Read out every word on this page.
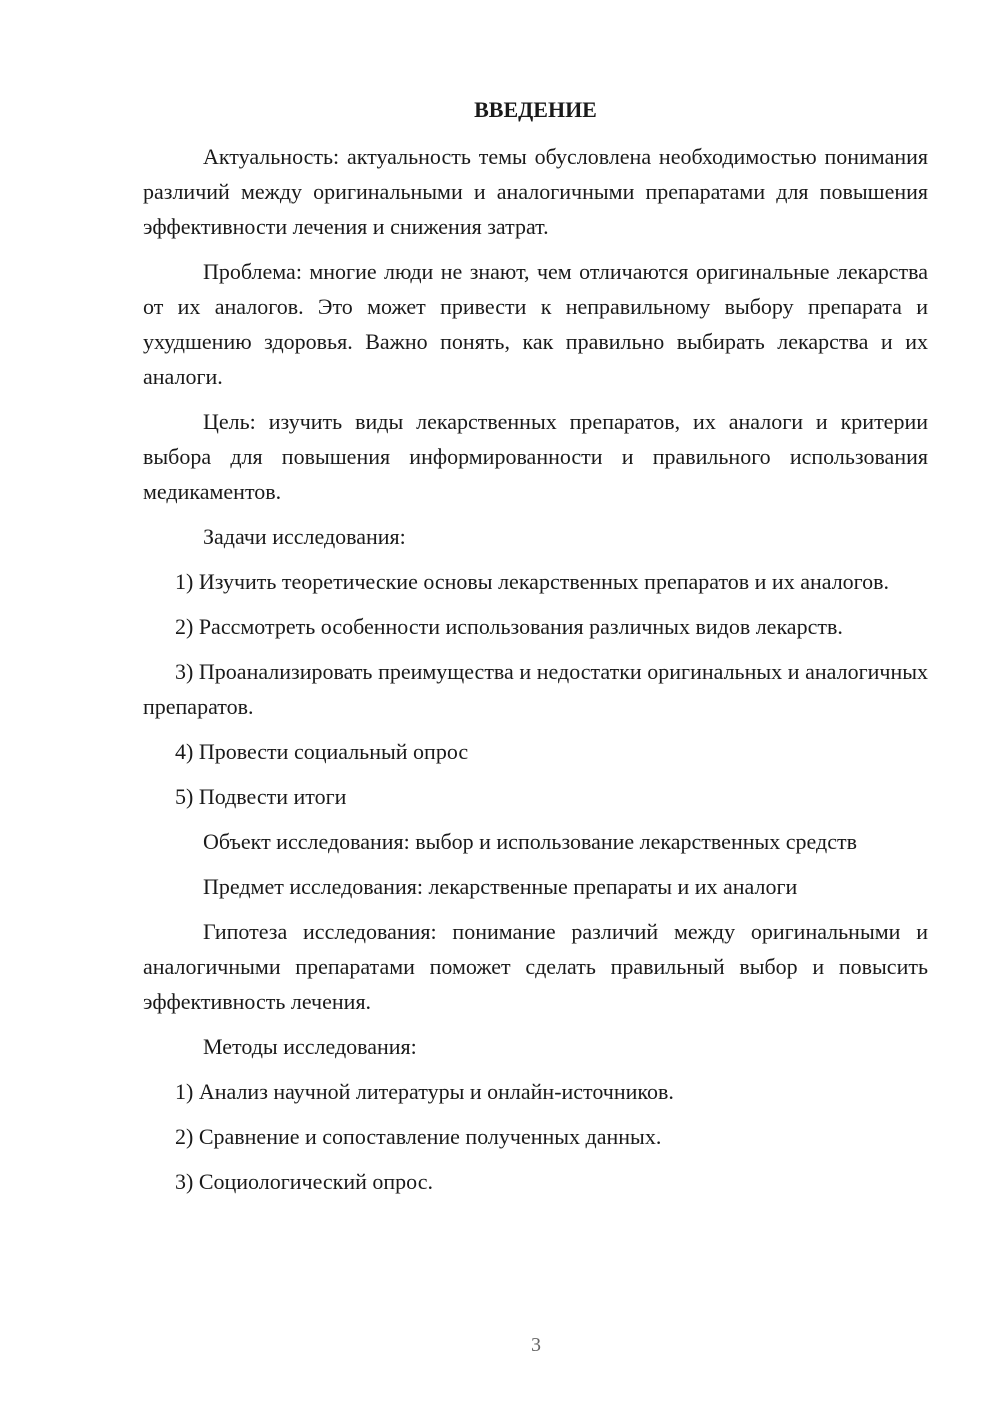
ВВЕДЕНИЕ

Актуальность: актуальность темы обусловлена необходимостью понимания различий между оригинальными и аналогичными препаратами для повышения эффективности лечения и снижения затрат.

Проблема: многие люди не знают, чем отличаются оригинальные лекарства от их аналогов. Это может привести к неправильному выбору препарата и ухудшению здоровья. Важно понять, как правильно выбирать лекарства и их аналоги.

Цель: изучить виды лекарственных препаратов, их аналоги и критерии выбора для повышения информированности и правильного использования медикаментов.

Задачи исследования:

1) Изучить теоретические основы лекарственных препаратов и их аналогов.

2) Рассмотреть особенности использования различных видов лекарств.

3) Проанализировать преимущества и недостатки оригинальных и аналогичных препаратов.

4) Провести социальный опрос

5) Подвести итоги

Объект исследования: выбор и использование лекарственных средств

Предмет исследования: лекарственные препараты и их аналоги

Гипотеза исследования: понимание различий между оригинальными и аналогичными препаратами поможет сделать правильный выбор и повысить эффективность лечения.

Методы исследования:

1) Анализ научной литературы и онлайн-источников.

2) Сравнение и сопоставление полученных данных.

3) Социологический опрос.

3
